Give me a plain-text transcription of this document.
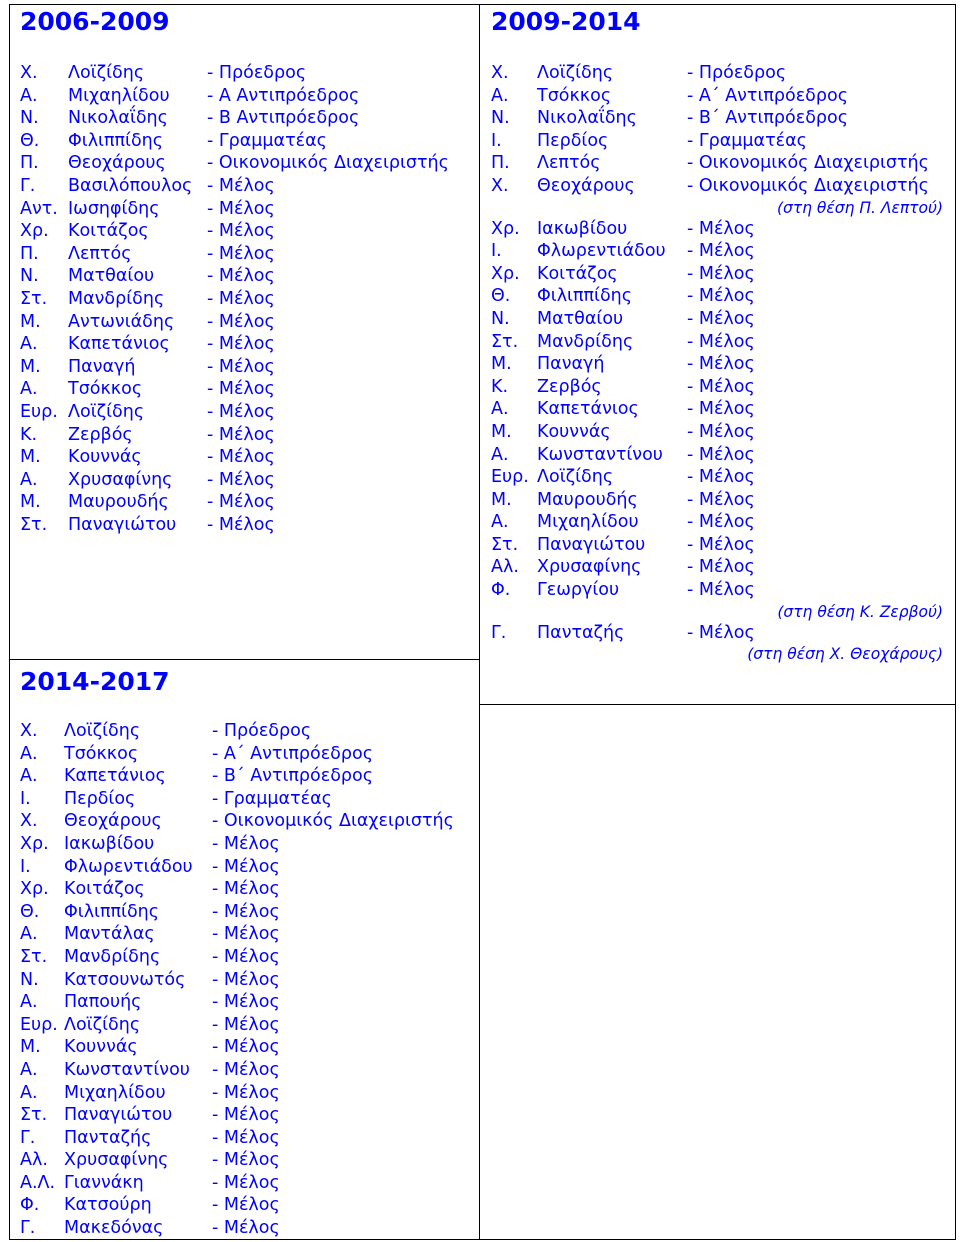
2006-2009
Χ. Λοϊζίδης	- Πρόεδρος
Α. Μιχαηλίδου - Α Αντιπρόεδρος
Ν. Νικολαΐδης - Β Αντιπρόεδρος
Θ. Φιλιππίδης	- Γραμματέας
Π. Θεοχάρους - Οικονομικός Διαχειριστής
Γ. Βασιλόπουλος - Μέλος
Αντ. Ιωσηφίδης	- Μέλος
Χρ. Κοιτάζος	- Μέλος
Π. Λεπτός	- Μέλος
Ν. Ματθαίου	- Μέλος
Στ. Μανδρίδης - Μέλος
Μ. Αντωνιάδης - Μέλος
Α. Καπετάνιος - Μέλος
Μ. Παναγή	- Μέλος
Α. Τσόκκος	- Μέλος
Ευρ. Λοϊζίδης	- Μέλος
Κ. Ζερβός	- Μέλος
Μ. Κουννάς	- Μέλος
Α. Χρυσαφίνης - Μέλος
Μ. Μαυρουδής - Μέλος
Στ. Παναγιώτου - Μέλος
2009-2014
Χ. Λοϊζίδης	- Πρόεδρος
Α. Τσόκκος	- Α΄ Αντιπρόεδρος
Ν. Νικολαΐδης	- Β΄ Αντιπρόεδρος
Ι. Περδίος	- Γραμματέας
Π. Λεπτός	- Οικονομικός Διαχειριστής
Χ. Θεοχάρους	- Οικονομικός Διαχειριστής
(στη θέση Π. Λεπτού)
Χρ. Ιακωβίδου	- Μέλος
Ι. Φλωρεντιάδου - Μέλος
Χρ. Κοιτάζος	- Μέλος
Θ. Φιλιππίδης	- Μέλος
Ν. Ματθαίου	- Μέλος
Στ. Μανδρίδης	- Μέλος
Μ. Παναγή	- Μέλος
Κ. Ζερβός	- Μέλος
Α. Καπετάνιος	- Μέλος
Μ. Κουννάς	- Μέλος
Α. Κωνσταντίνου - Μέλος
Ευρ. Λοϊζίδης	- Μέλος
Μ. Μαυρουδής	- Μέλος
Α. Μιχαηλίδου	- Μέλος
Στ. Παναγιώτου - Μέλος
Αλ. Χρυσαφίνης	- Μέλος
Φ. Γεωργίου	- Μέλος
(στη θέση Κ. Ζερβού)
Γ. Πανταζής	- Μέλος
(στη θέση Χ. Θεοχάρους)
2014-2017
Χ. Λοϊζίδης	- Πρόεδρος
Α. Τσόκκος	- Α΄ Αντιπρόεδρος
Α. Καπετάνιος	- Β΄ Αντιπρόεδρος
Ι. Περδίος	- Γραμματέας
Χ. Θεοχάρους	- Οικονομικός Διαχειριστής
Χρ. Ιακωβίδου	- Μέλος
Ι. Φλωρεντιάδου - Μέλος
Χρ. Κοιτάζος	- Μέλος
Θ. Φιλιππίδης	- Μέλος
Α. Μαντάλας	- Μέλος
Στ. Μανδρίδης	- Μέλος
Ν. Κατσουνωτός - Μέλος
Α. Παπουής	- Μέλος
Ευρ. Λοϊζίδης	- Μέλος
Μ. Κουννάς	- Μέλος
Α. Κωνσταντίνου - Μέλος
Α. Μιχαηλίδου	- Μέλος
Στ. Παναγιώτου - Μέλος
Γ. Πανταζής	- Μέλος
Αλ. Χρυσαφίνης - Μέλος
Α.Λ. Γιαννάκη	- Μέλος
Φ. Κατσούρη	- Μέλος
Γ. Μακεδόνας	- Μέλος
